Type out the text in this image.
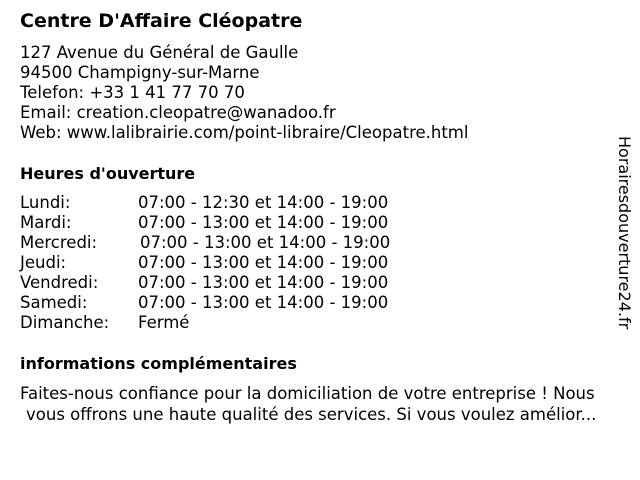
Centre D'Affaire Cléopatre
127 Avenue du Général de Gaulle
94500 Champigny-sur-Marne
Telefon: +33 1 41 77 70 70
Email: creation.cleopatre@wanadoo.fr
Web: www.lalibrairie.com/point-libraire/Cleopatre.html
Heures d'ouverture
Lundi:	07:00 - 12:30 et 14:00 - 19:00
Mardi:	07:00 - 13:00 et 14:00 - 19:00
Mercredi:	07:00 - 13:00 et 14:00 - 19:00
Jeudi:	07:00 - 13:00 et 14:00 - 19:00
Vendredi: 07:00 - 13:00 et 14:00 - 19:00
Samedi:	07:00 - 13:00 et 14:00 - 19:00
Dimanche: Fermé
informations complémentaires
Faites-nous confiance pour la domiciliation de votre entreprise ! Nous
vous offrons une haute qualité des services. Si vous voulez amélior...
Horairesdouverture24.fr
